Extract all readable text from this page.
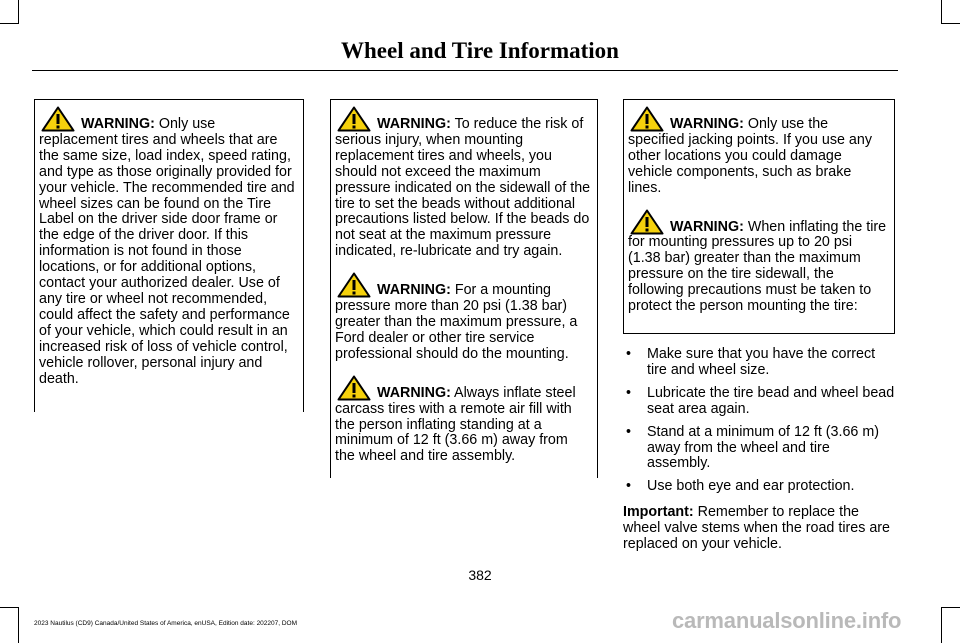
Wheel and Tire Information

WARNING: Only use replacement tires and wheels that are the same size, load index, speed rating, and type as those originally provided for your vehicle. The recommended tire and wheel sizes can be found on the Tire Label on the driver side door frame or the edge of the driver door. If this information is not found in those locations, or for additional options, contact your authorized dealer. Use of any tire or wheel not recommended, could affect the safety and performance of your vehicle, which could result in an increased risk of loss of vehicle control, vehicle rollover, personal injury and death.

WARNING: To reduce the risk of serious injury, when mounting replacement tires and wheels, you should not exceed the maximum pressure indicated on the sidewall of the tire to set the beads without additional precautions listed below. If the beads do not seat at the maximum pressure indicated, re-lubricate and try again.

WARNING: For a mounting pressure more than 20 psi (1.38 bar) greater than the maximum pressure, a Ford dealer or other tire service professional should do the mounting.

WARNING: Always inflate steel carcass tires with a remote air fill with the person inflating standing at a minimum of 12 ft (3.66 m) away from the wheel and tire assembly.

WARNING: Only use the specified jacking points. If you use any other locations you could damage vehicle components, such as brake lines.

WARNING: When inflating the tire for mounting pressures up to 20 psi (1.38 bar) greater than the maximum pressure on the tire sidewall, the following precautions must be taken to protect the person mounting the tire:

• Make sure that you have the correct tire and wheel size.
• Lubricate the tire bead and wheel bead seat area again.
• Stand at a minimum of 12 ft (3.66 m) away from the wheel and tire assembly.
• Use both eye and ear protection.

Important: Remember to replace the wheel valve stems when the road tires are replaced on your vehicle.

382
2023 Nautilus (CD9) Canada/United States of America, enUSA, Edition date: 202207, DOM	carmanualsonline.info
